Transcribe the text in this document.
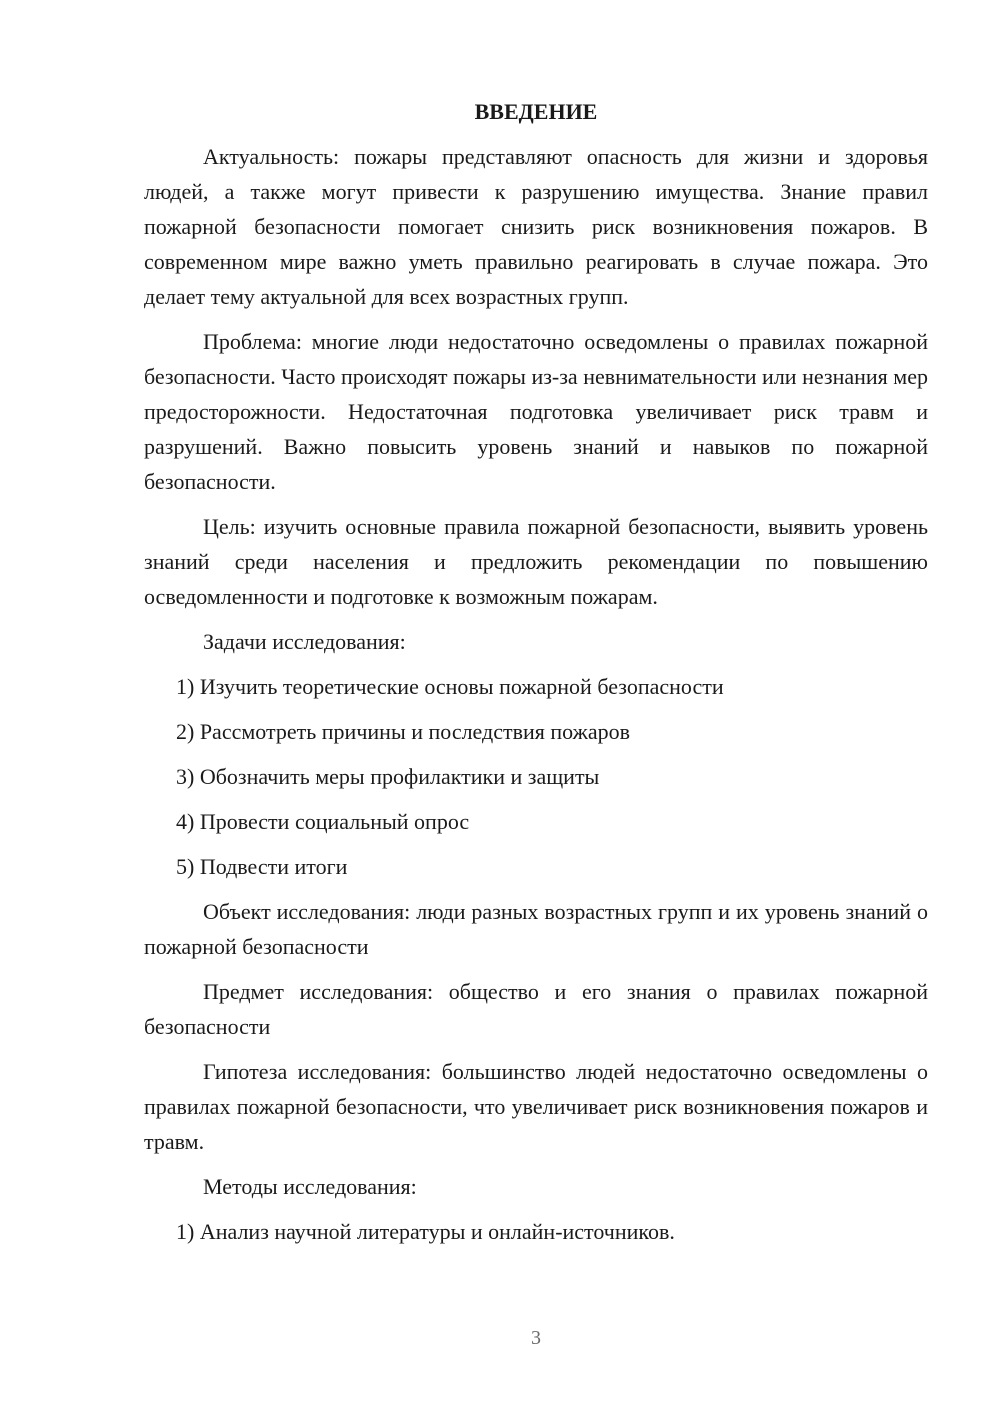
ВВЕДЕНИЕ

Актуальность: пожары представляют опасность для жизни и здоровья людей, а также могут привести к разрушению имущества. Знание правил пожарной безопасности помогает снизить риск возникновения пожаров. В современном мире важно уметь правильно реагировать в случае пожара. Это делает тему актуальной для всех возрастных групп.

Проблема: многие люди недостаточно осведомлены о правилах пожарной безопасности. Часто происходят пожары из-за невнимательности или незнания мер предосторожности. Недостаточная подготовка увеличивает риск травм и разрушений. Важно повысить уровень знаний и навыков по пожарной безопасности.

Цель: изучить основные правила пожарной безопасности, выявить уровень знаний среди населения и предложить рекомендации по повышению осведомленности и подготовке к возможным пожарам.

Задачи исследования:

1) Изучить теоретические основы пожарной безопасности

2) Рассмотреть причины и последствия пожаров

3) Обозначить меры профилактики и защиты

4) Провести социальный опрос

5) Подвести итоги

Объект исследования: люди разных возрастных групп и их уровень знаний о пожарной безопасности

Предмет исследования: общество и его знания о правилах пожарной безопасности

Гипотеза исследования: большинство людей недостаточно осведомлены о правилах пожарной безопасности, что увеличивает риск возникновения пожаров и травм.

Методы исследования:

1) Анализ научной литературы и онлайн-источников.

3
